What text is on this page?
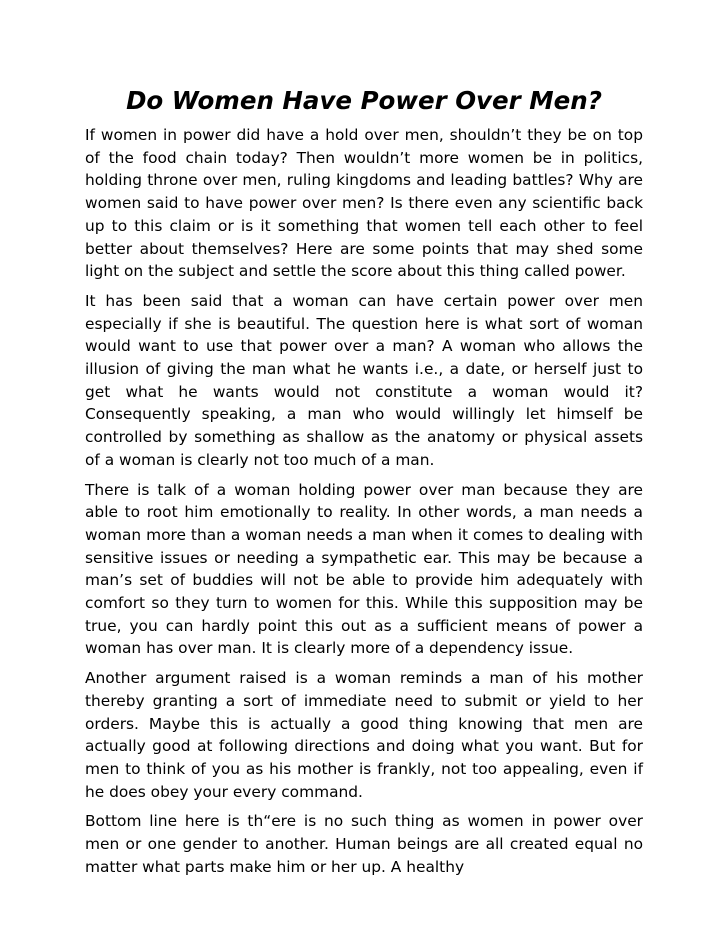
Do Women Have Power Over Men?

If women in power did have a hold over men, shouldn’t they be on top of the food chain today? Then wouldn’t more women be in politics, holding throne over men, ruling kingdoms and leading battles? Why are women said to have power over men? Is there even any scientific back up to this claim or is it something that women tell each other to feel better about themselves? Here are some points that may shed some light on the subject and settle the score about this thing called power.

It has been said that a woman can have certain power over men especially if she is beautiful. The question here is what sort of woman would want to use that power over a man? A woman who allows the illusion of giving the man what he wants i.e., a date, or herself just to get what he wants would not constitute a woman would it? Consequently speaking, a man who would willingly let himself be controlled by something as shallow as the anatomy or physical assets of a woman is clearly not too much of a man.

There is talk of a woman holding power over man because they are able to root him emotionally to reality. In other words, a man needs a woman more than a woman needs a man when it comes to dealing with sensitive issues or needing a sympathetic ear. This may be because a man’s set of buddies will not be able to provide him adequately with comfort so they turn to women for this. While this supposition may be true, you can hardly point this out as a sufficient means of power a woman has over man. It is clearly more of a dependency issue.

Another argument raised is a woman reminds a man of his mother thereby granting a sort of immediate need to submit or yield to her orders. Maybe this is actually a good thing knowing that men are actually good at following directions and doing what you want. But for men to think of you as his mother is frankly, not too appealing, even if he does obey your every command.

Bottom line here is th“ere is no such thing as women in power over men or one gender to another. Human beings are all created equal no matter what parts make him or her up. A healthy
